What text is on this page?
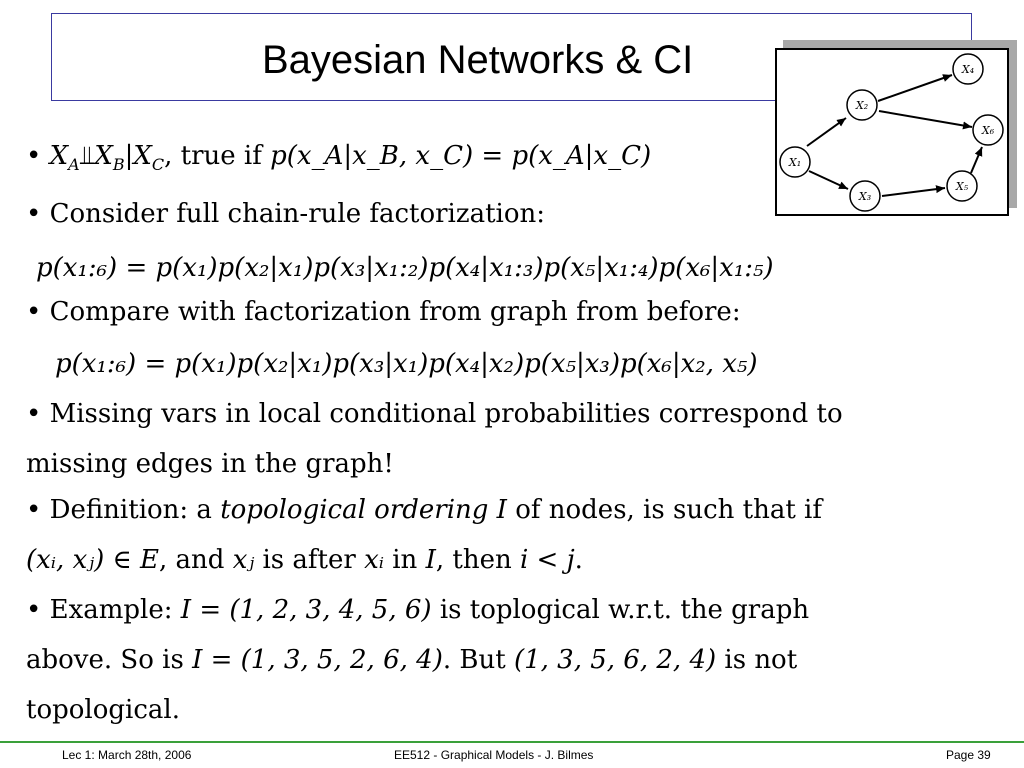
Bayesian Networks & CI
X₁
X₂
X₃
X₄
X₅
X₆
• $X_A⫫X_B|X_C$, true if p(x_A|x_B, x_C) = p(x_A|x_C)
• Consider full chain-rule factorization:
p(x₁:₆) = p(x₁)p(x₂|x₁)p(x₃|x₁:₂)p(x₄|x₁:₃)p(x₅|x₁:₄)p(x₆|x₁:₅)
• Compare with factorization from graph from before:
p(x₁:₆) = p(x₁)p(x₂|x₁)p(x₃|x₁)p(x₄|x₂)p(x₅|x₃)p(x₆|x₂, x₅)
• Missing vars in local conditional probabilities correspond to
missing edges in the graph!
• Definition: a topological ordering I of nodes, is such that if
(xᵢ, xⱼ) ∈ E, and xⱼ is after xᵢ in I, then i < j.
• Example: I = (1, 2, 3, 4, 5, 6) is toplogical w.r.t. the graph
above. So is I = (1, 3, 5, 2, 6, 4). But (1, 3, 5, 6, 2, 4) is not
topological.
Lec 1: March 28th, 2006	EE512 - Graphical Models - J. Bilmes	Page 39
